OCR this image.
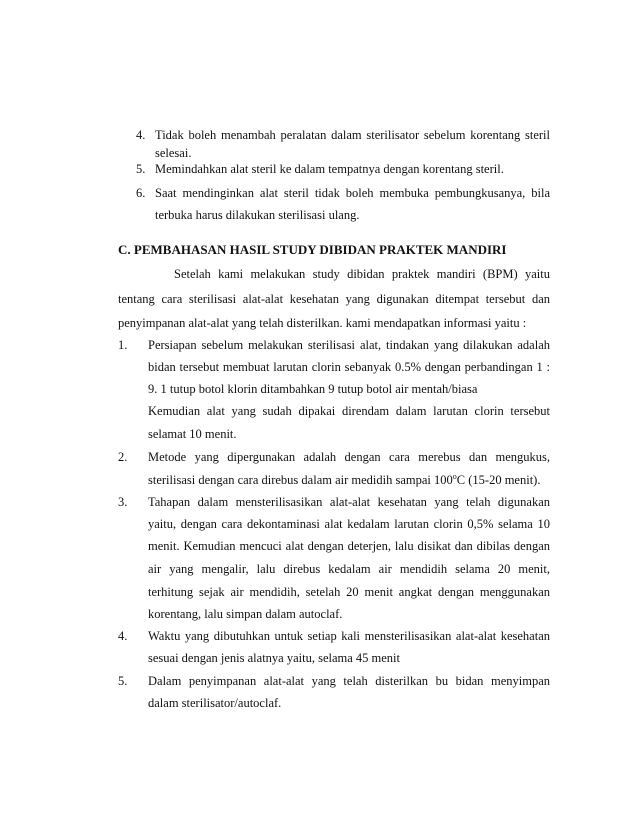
4. Tidak boleh menambah peralatan dalam sterilisator sebelum korentang steril
selesai.
5. Memindahkan alat steril ke dalam tempatnya dengan korentang steril.
6. Saat mendinginkan alat steril tidak boleh membuka pembungkusanya, bila
terbuka harus dilakukan sterilisasi ulang.
C. PEMBAHASAN HASIL STUDY DIBIDAN PRAKTEK MANDIRI
Setelah kami melakukan study dibidan praktek mandiri (BPM) yaitu
tentang cara sterilisasi alat-alat kesehatan yang digunakan ditempat tersebut dan
penyimpanan alat-alat yang telah disterilkan. kami mendapatkan informasi yaitu :
1. Persiapan sebelum melakukan sterilisasi alat, tindakan yang dilakukan adalah
bidan tersebut membuat larutan clorin sebanyak 0.5% dengan perbandingan 1 :
9. 1 tutup botol klorin ditambahkan 9 tutup botol air mentah/biasa
Kemudian alat yang sudah dipakai direndam dalam larutan clorin tersebut
selamat 10 menit.
2. Metode yang dipergunakan adalah dengan cara merebus dan mengukus,
sterilisasi dengan cara direbus dalam air medidih sampai 100$^o$C (15-20 menit).
3. Tahapan dalam mensterilisasikan alat-alat kesehatan yang telah digunakan
yaitu, dengan cara dekontaminasi alat kedalam larutan clorin 0,5% selama 10
menit. Kemudian mencuci alat dengan deterjen, lalu disikat dan dibilas dengan
air yang mengalir, lalu direbus kedalam air mendidih selama 20 menit,
terhitung sejak air mendidih, setelah 20 menit angkat dengan menggunakan
korentang, lalu simpan dalam autoclaf.
4. Waktu yang dibutuhkan untuk setiap kali mensterilisasikan alat-alat kesehatan
sesuai dengan jenis alatnya yaitu, selama 45 menit
5. Dalam penyimpanan alat-alat yang telah disterilkan bu bidan menyimpan
dalam sterilisator/autoclaf.
